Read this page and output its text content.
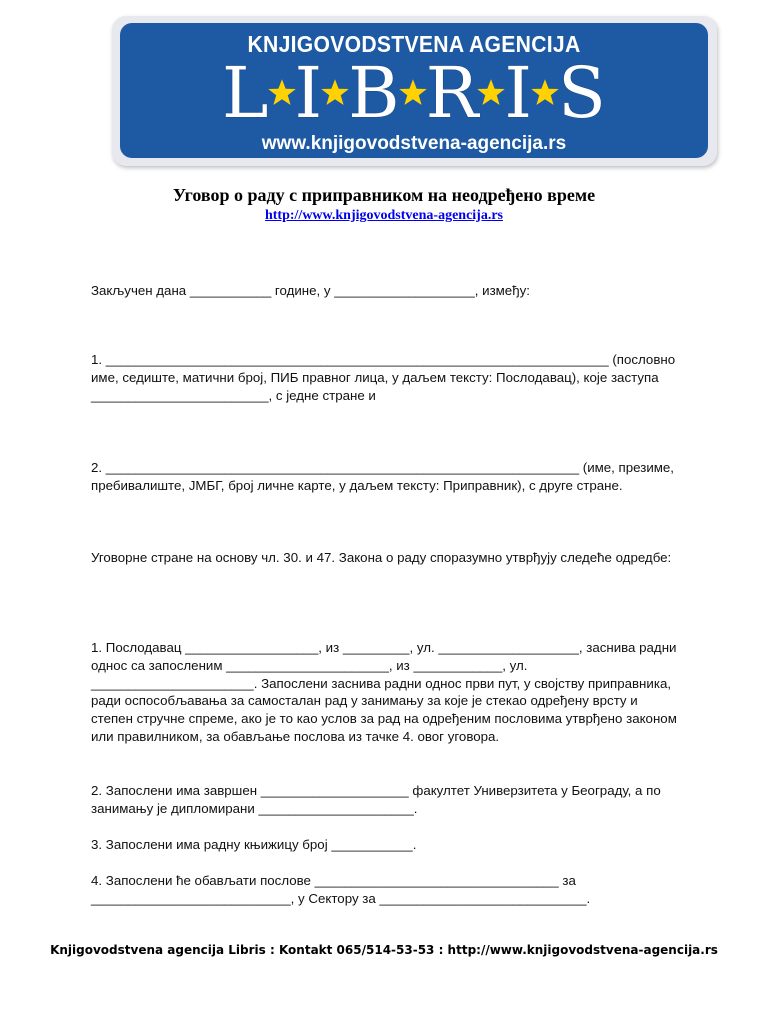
KNJIGOVODSTVENA AGENCIJA
L I B R I S
www.knjigovodstvena-agencija.rs
Уговор о раду с приправником на неодређено време
http://www.knjigovodstvena-agencija.rs
Закључен дана ___________ године, у ___________________, између:
1. ____________________________________________________________________ (пословно име, седиште, матични број, ПИБ правног лица, у даљем тексту: Послодавац), које заступа ________________________, с једне стране и
2. ________________________________________________________________ (име, презиме, пребивалиште, ЈМБГ, број личне карте, у даљем тексту: Приправник), с друге стране.
Уговорне стране на основу чл. 30. и 47. Закона о раду споразумно утврђују следеће одредбе:
1. Послодавац __________________, из _________, ул. ___________________, заснива радни однос са запосленим ______________________, из ____________, ул. ______________________. Запослени заснива радни однос први пут, у својству приправника, ради оспособљавања за самосталан рад у занимању за које је стекао одређену врсту и степен стручне спреме, ако је то као услов за рад на одређеним пословима утврђено законом или правилником, за обављање послова из тачке 4. овог уговора.
2. Запослени има завршен ____________________ факултет Универзитета у Београду, а по занимању је дипломирани _____________________.
3. Запослени има радну књижицу број ___________.
4. Запослени ће обављати послове _________________________________ за ___________________________, у Сектору за ____________________________.
Knjigovodstvena agencija Libris : Kontakt 065/514-53-53 : http://www.knjigovodstvena-agencija.rs
